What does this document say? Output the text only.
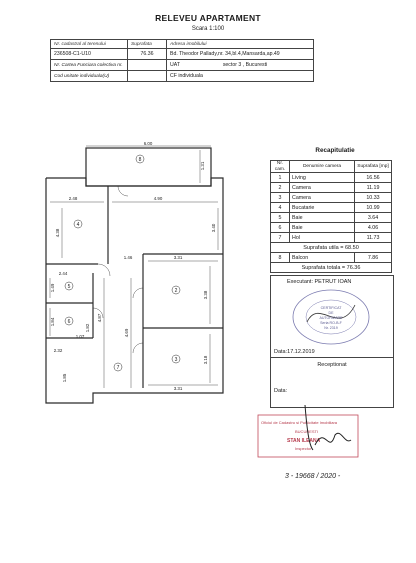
RELEVEU APARTAMENT
Scara 1:100
Nr. cadastral al terenului	Suprafata	Adresa imobilului
236508-C1-U10	76.36	Bd. Theodor Pallady,nr. 34,bl.4,Mansarda,ap.49
Nr. Cartea Funciara colectiva nr.		UAT sector 3 , Bucuresti
Cod unitate individuala(U)		CF individuala
8
4
2
3
5
6
7
6.00
2.48	4.90
1.31
4.38
3.40
1.46	3.31
3.38
2.44
1.49
4.87
4.69
3.18
1.07
2.32
1.82
1.85
3.31
1.84
Recapitulatie
Nr. cam.	Denumire camera	Suprafata [mp]
1	Living	16.56
2	Camera	11.19
3	Camera	10.33
4	Bucatarie	10.99
5	Baie	3.64
6	Baie	4.06
7	Hol	11.73
Suprafata utila = 68.50		
8	Balcon	7.86
Suprafata totala = 76.36		
Executant: PETRUT IOAN
CERTIFICAT
DE
AUTORIZARE
Seria RO-B-F
Nr. 2319
Data:17.12.2019
Receptionat
Data:
Oficiul de Cadastru si Publicitate Imobiliara
BUCURESTI
STAN ILEANA
Inspector
3 - 19668 / 2020 -
